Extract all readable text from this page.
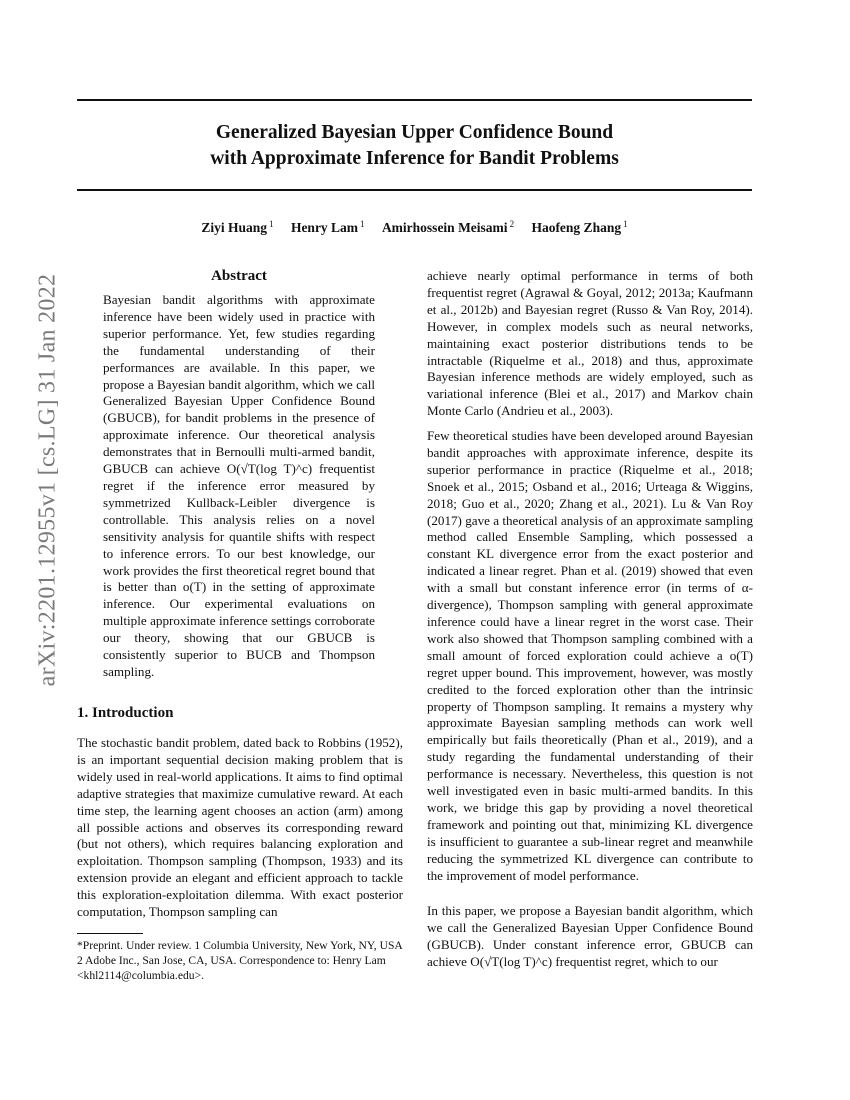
Generalized Bayesian Upper Confidence Bound
with Approximate Inference for Bandit Problems
Ziyi Huang $^1$ Henry Lam $^1$ Amirhossein Meisami $^2$ Haofeng Zhang $^1$
arXiv:2201.12955v1 [cs.LG] 31 Jan 2022	Abstract

Bayesian bandit algorithms with approximate inference have been widely used in practice with superior performance. Yet, few studies regarding the fundamental understanding of their performances are available. In this paper, we propose a Bayesian bandit algorithm, which we call Generalized Bayesian Upper Confidence Bound (GBUCB), for bandit problems in the presence of approximate inference. Our theoretical analysis demonstrates that in Bernoulli multi-armed bandit, GBUCB can achieve O(√T(log T)^c) frequentist regret if the inference error measured by symmetrized Kullback-Leibler divergence is controllable. This analysis relies on a novel sensitivity analysis for quantile shifts with respect to inference errors. To our best knowledge, our work provides the first theoretical regret bound that is better than o(T) in the setting of approximate inference. Our experimental evaluations on multiple approximate inference settings corroborate our theory, showing that our GBUCB is consistently superior to BUCB and Thompson sampling.

1. Introduction

The stochastic bandit problem, dated back to Robbins (1952), is an important sequential decision making problem that is widely used in real-world applications. It aims to find optimal adaptive strategies that maximize cumulative reward. At each time step, the learning agent chooses an action (arm) among all possible actions and observes its corresponding reward (but not others), which requires balancing exploration and exploitation. Thompson sampling (Thompson, 1933) and its extension provide an elegant and efficient approach to tackle this exploration-exploitation dilemma. With exact posterior computation, Thompson sampling can

achieve nearly optimal performance in terms of both frequentist regret (Agrawal & Goyal, 2012; 2013a; Kaufmann et al., 2012b) and Bayesian regret (Russo & Van Roy, 2014). However, in complex models such as neural networks, maintaining exact posterior distributions tends to be intractable (Riquelme et al., 2018) and thus, approximate Bayesian inference methods are widely employed, such as variational inference (Blei et al., 2017) and Markov chain Monte Carlo (Andrieu et al., 2003).

Few theoretical studies have been developed around Bayesian bandit approaches with approximate inference, despite its superior performance in practice (Riquelme et al., 2018; Snoek et al., 2015; Osband et al., 2016; Urteaga & Wiggins, 2018; Guo et al., 2020; Zhang et al., 2021). Lu & Van Roy (2017) gave a theoretical analysis of an approximate sampling method called Ensemble Sampling, which possessed a constant KL divergence error from the exact posterior and indicated a linear regret. Phan et al. (2019) showed that even with a small but constant inference error (in terms of α-divergence), Thompson sampling with general approximate inference could have a linear regret in the worst case. Their work also showed that Thompson sampling combined with a small amount of forced exploration could achieve a o(T) regret upper bound. This improvement, however, was mostly credited to the forced exploration other than the intrinsic property of Thompson sampling. It remains a mystery why approximate Bayesian sampling methods can work well empirically but fails theoretically (Phan et al., 2019), and a study regarding the fundamental understanding of their performance is necessary. Nevertheless, this question is not well investigated even in basic multi-armed bandits. In this work, we bridge this gap by providing a novel theoretical framework and pointing out that, minimizing KL divergence is insufficient to guarantee a sub-linear regret and meanwhile reducing the symmetrized KL divergence can contribute to the improvement of model performance.

In this paper, we propose a Bayesian bandit algorithm, which we call the Generalized Bayesian Upper Confidence Bound (GBUCB). Under constant inference error, GBUCB can achieve O(√T(log T)^c) frequentist regret, which to our

*Preprint. Under review. 1 Columbia University, New York, NY, USA 2 Adobe Inc., San Jose, CA, USA. Correspondence to: Henry Lam <khl2114@columbia.edu>.
